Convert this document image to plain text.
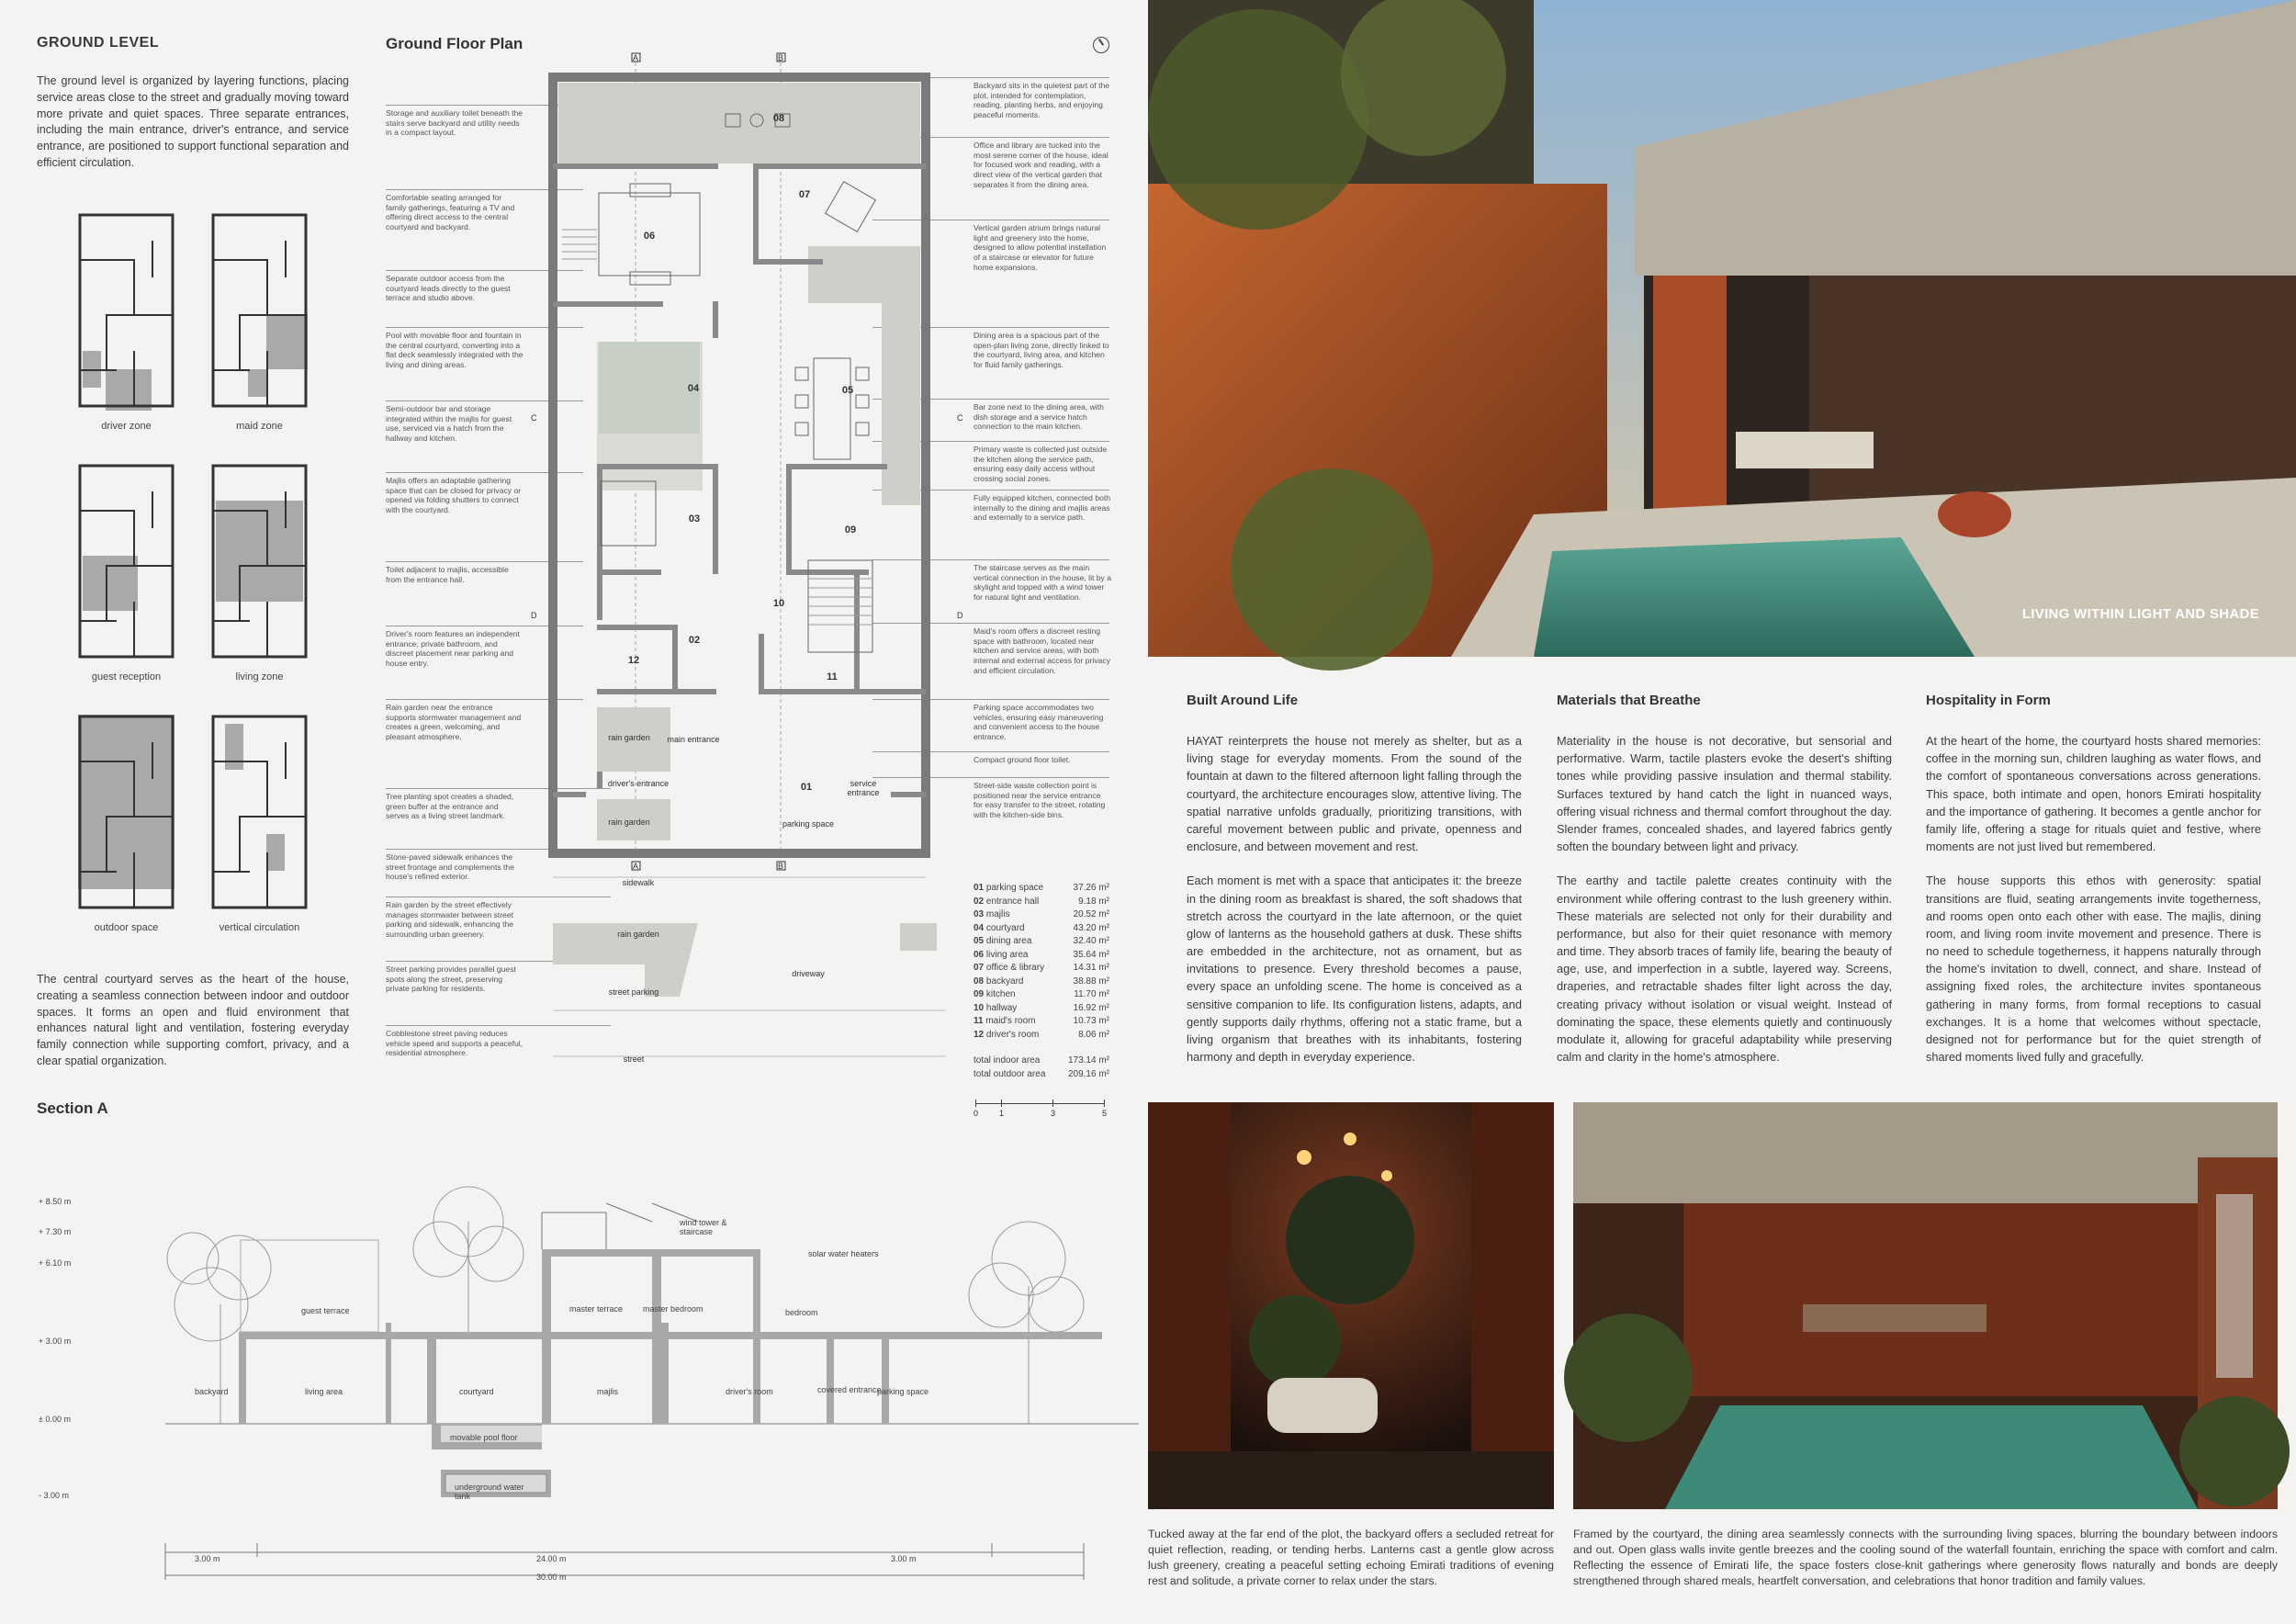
GROUND LEVEL
The ground level is organized by layering functions, placing service areas close to the street and gradually moving toward more private and quiet spaces. Three separate entrances, including the main entrance, driver's entrance, and service entrance, are positioned to support functional separation and efficient circulation.
driver zone	maid zone
guest reception	living zone
outdoor space	vertical circulation
The central courtyard serves as the heart of the house, creating a seamless connection between indoor and outdoor spaces. It forms an open and fluid environment that enhances natural light and ventilation, fostering everyday family connection while supporting comfort, privacy, and a clear spatial organization.
Ground Floor Plan
Storage and auxiliary toilet beneath the stairs serve backyard and utility needs in a compact layout.
Comfortable seating arranged for family gatherings, featuring a TV and offering direct access to the central courtyard and backyard.
Separate outdoor access from the courtyard leads directly to the guest terrace and studio above.
Pool with movable floor and fountain in the central courtyard, converting into a flat deck seamlessly integrated with the living and dining areas.
Semi-outdoor bar and storage integrated within the majlis for guest use, serviced via a hatch from the hallway and kitchen.
Majlis offers an adaptable gathering space that can be closed for privacy or opened via folding shutters to connect with the courtyard.
Toilet adjacent to majlis, accessible from the entrance hall.
Driver's room features an independent entrance, private bathroom, and discreet placement near parking and house entry.
Rain garden near the entrance supports stormwater management and creates a green, welcoming, and pleasant atmosphere.
Tree planting spot creates a shaded, green buffer at the entrance and serves as a living street landmark.
Stone-paved sidewalk enhances the street frontage and complements the house's refined exterior.
Rain garden by the street effectively manages stormwater between street parking and sidewalk, enhancing the surrounding urban greenery.
Street parking provides parallel guest spots along the street, preserving private parking for residents.
Cobblestone street paving reduces vehicle speed and supports a peaceful, residential atmosphere.
Backyard sits in the quietest part of the plot, intended for contemplation, reading, planting herbs, and enjoying peaceful moments.
Office and library are tucked into the most serene corner of the house, ideal for focused work and reading, with a direct view of the vertical garden that separates it from the dining area.
Vertical garden atrium brings natural light and greenery into the home, designed to allow potential installation of a staircase or elevator for future home expansions.
Dining area is a spacious part of the open-plan living zone, directly linked to the courtyard, living area, and kitchen for fluid family gatherings.
Bar zone next to the dining area, with dish storage and a service hatch connection to the main kitchen.
Primary waste is collected just outside the kitchen along the service path, ensuring easy daily access without crossing social zones.
Fully equipped kitchen, connected both internally to the dining and majlis areas and externally to a service path.
The staircase serves as the main vertical connection in the house, lit by a skylight and topped with a wind tower for natural light and ventilation.
Maid's room offers a discreet resting space with bathroom, located near kitchen and service areas, with both internal and external access for privacy and efficient circulation.
Parking space accommodates two vehicles, ensuring easy maneuvering and convenient access to the house entrance.
Compact ground floor toilet.
Street-side waste collection point is positioned near the service entrance for easy transfer to the street, rotating with the kitchen-side bins.
A	B
A	B
C	C
D	D
08
07
06
04	05
03
09
10
02
12
11
01
rain garden
rain garden
driver's entrance	service entrance
main entrance
parking space
sidewalk
rain garden
street parking
driveway
street
01 parking space	37.26 m²
02 entrance hall	9.18 m²
03 majlis	20.52 m²
04 courtyard	43.20 m²
05 dining area	32.40 m²
06 living area	35.64 m²
07 office & library	14.31 m²
08 backyard	38.88 m²
09 kitchen	11.70 m²
10 hallway	16.92 m²
11 maid's room	10.73 m²
12 driver's room	8.06 m²
total indoor area	173.14 m²
total outdoor area 209.16 m²
0	1	3	5
Section A
+ 8.50 m
+ 7.30 m
+ 6.10 m
+ 3.00 m
± 0.00 m
- 3.00 m
guest terrace
backyard	living area	courtyard
movable pool floor
underground water tank
wind tower & staircase
solar water heaters
master terrace	master bedroom	bedroom
majlis	driver's room	covered entrance
parking space
3.00 m	24.00 m	3.00 m
30.00 m
LIVING WITHIN LIGHT AND SHADE
Built Around Life
HAYAT reinterprets the house not merely as shelter, but as a living stage for everyday moments. From the sound of the fountain at dawn to the filtered afternoon light falling through the courtyard, the architecture encourages slow, attentive living. The spatial narrative unfolds gradually, prioritizing transitions, with careful movement between public and private, openness and enclosure, and between movement and rest.
Each moment is met with a space that anticipates it: the breeze in the dining room as breakfast is shared, the soft shadows that stretch across the courtyard in the late afternoon, or the quiet glow of lanterns as the household gathers at dusk. These shifts are embedded in the architecture, not as ornament, but as invitations to presence. Every threshold becomes a pause, every space an unfolding scene. The home is conceived as a sensitive companion to life. Its configuration listens, adapts, and gently supports daily rhythms, offering not a static frame, but a living organism that breathes with its inhabitants, fostering harmony and depth in everyday experience.
Materials that Breathe
Materiality in the house is not decorative, but sensorial and performative. Warm, tactile plasters evoke the desert's shifting tones while providing passive insulation and thermal stability. Surfaces textured by hand catch the light in nuanced ways, offering visual richness and thermal comfort throughout the day. Slender frames, concealed shades, and layered fabrics gently soften the boundary between light and privacy.
The earthy and tactile palette creates continuity with the environment while offering contrast to the lush greenery within. These materials are selected not only for their durability and performance, but also for their quiet resonance with memory and time. They absorb traces of family life, bearing the beauty of age, use, and imperfection in a subtle, layered way. Screens, draperies, and retractable shades filter light across the day, creating privacy without isolation or visual weight. Instead of dominating the space, these elements quietly and continuously modulate it, allowing for graceful adaptability while preserving calm and clarity in the home's atmosphere.
Hospitality in Form
At the heart of the home, the courtyard hosts shared memories: coffee in the morning sun, children laughing as water flows, and the comfort of spontaneous conversations across generations. This space, both intimate and open, honors Emirati hospitality and the importance of gathering. It becomes a gentle anchor for family life, offering a stage for rituals quiet and festive, where moments are not just lived but remembered.
The house supports this ethos with generosity: spatial transitions are fluid, seating arrangements invite togetherness, and rooms open onto each other with ease. The majlis, dining room, and living room invite movement and presence. There is no need to schedule togetherness, it happens naturally through the home's invitation to dwell, connect, and share. Instead of assigning fixed roles, the architecture invites spontaneous gathering in many forms, from formal receptions to casual exchanges. It is a home that welcomes without spectacle, designed not for performance but for the quiet strength of shared moments lived fully and gracefully.
Tucked away at the far end of the plot, the backyard offers a secluded retreat for quiet reflection, reading, or tending herbs. Lanterns cast a gentle glow across lush greenery, creating a peaceful setting echoing Emirati traditions of evening rest and solitude, a private corner to relax under the stars.
Framed by the courtyard, the dining area seamlessly connects with the surrounding living spaces, blurring the boundary between indoors and out. Open glass walls invite gentle breezes and the cooling sound of the waterfall fountain, enriching the space with comfort and calm. Reflecting the essence of Emirati life, the space fosters close-knit gatherings where generosity flows naturally and bonds are deeply strengthened through shared meals, heartfelt conversation, and celebrations that honor tradition and family values.
